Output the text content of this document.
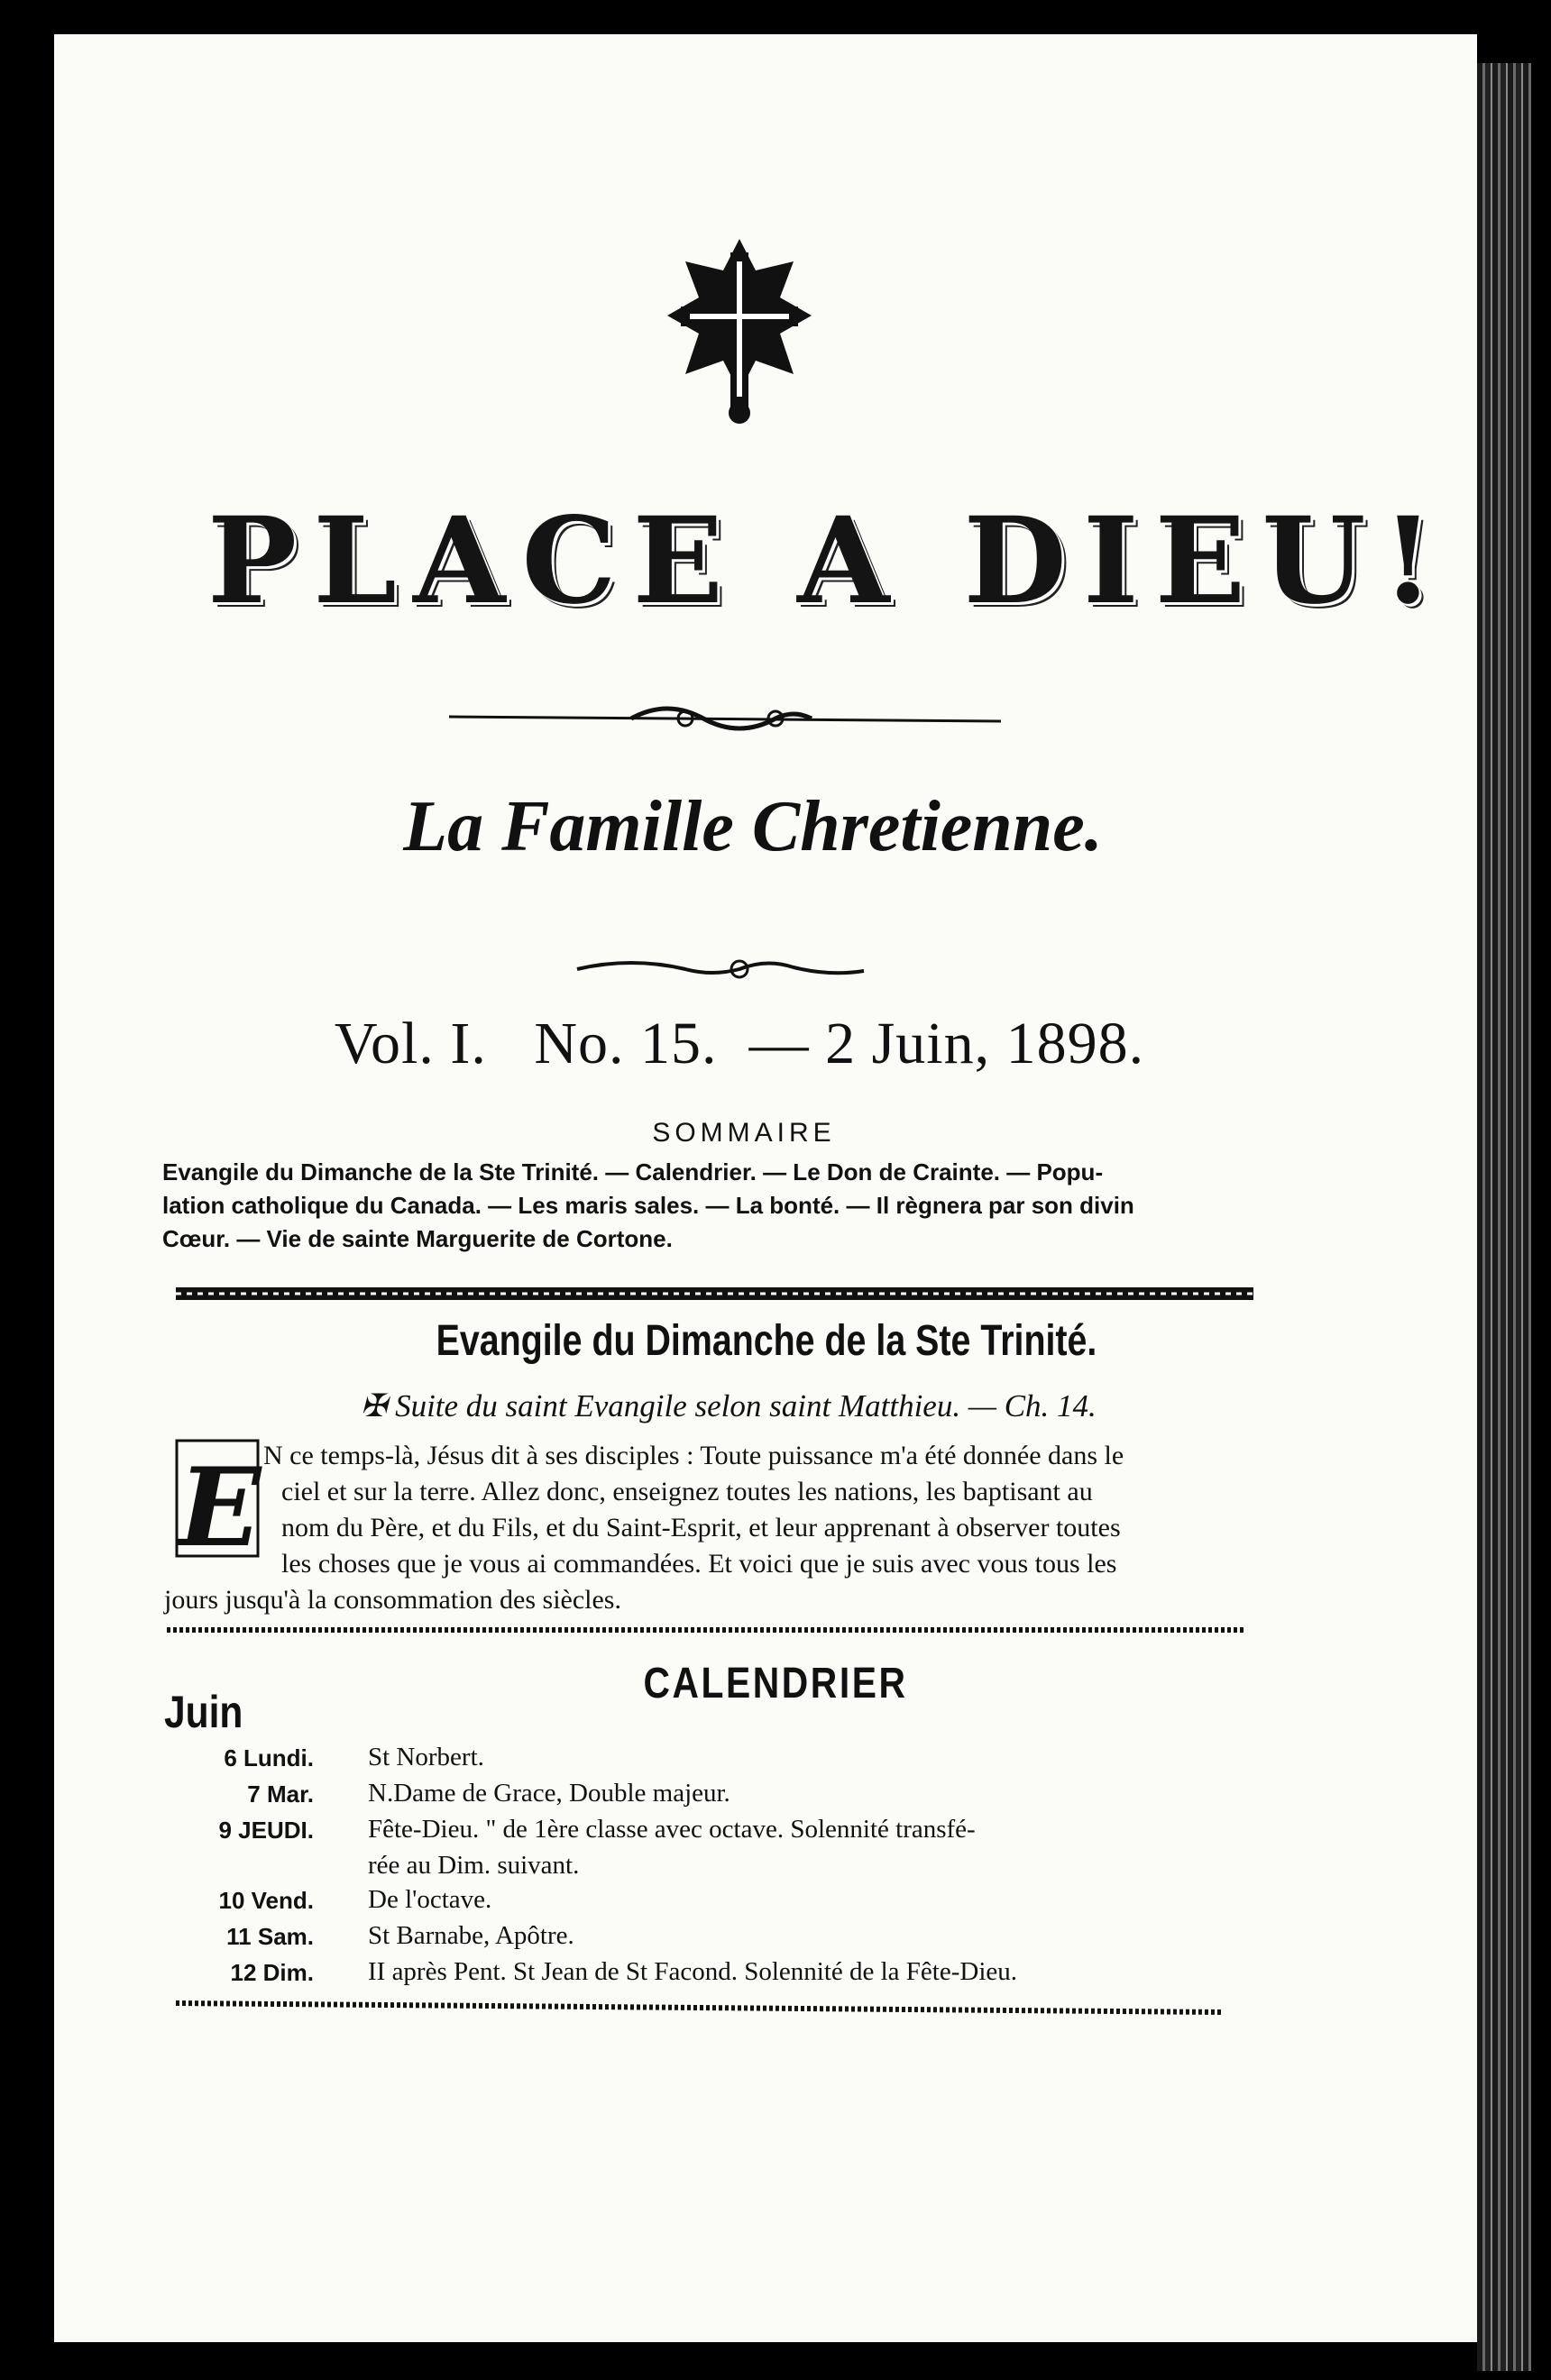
PLACE A DIEU!
La Famille Chretienne.
Vol. I. No. 15. — 2 Juin, 1898.
SOMMAIRE
Evangile du Dimanche de la Ste Trinité. — Calendrier. — Le Don de Crainte. — Popu-
lation catholique du Canada. — Les maris sales. — La bonté. — Il règnera par son divin
Cœur. — Vie de sainte Marguerite de Cortone.
Evangile du Dimanche de la Ste Trinité.
✠ Suite du saint Evangile selon saint Matthieu. — Ch. 14.
E N ce temps-là, Jésus dit à ses disciples : Toute puissance m'a été donnée dans le
ciel et sur la terre. Allez donc, enseignez toutes les nations, les baptisant au
nom du Père, et du Fils, et du Saint-Esprit, et leur apprenant à observer toutes
les choses que je vous ai commandées. Et voici que je suis avec vous tous les
jours jusqu'à la consommation des siècles.
CALENDRIER
Juin
6 Lundi. St Norbert.
7 Mar. N.Dame de Grace, Double majeur.
9 JEUDI. Fête-Dieu. " de 1ère classe avec octave. Solennité transfé-
rée au Dim. suivant.
10 Vend. De l'octave.
11 Sam. St Barnabe, Apôtre.
12 Dim. II après Pent. St Jean de St Facond. Solennité de la Fête-Dieu.
